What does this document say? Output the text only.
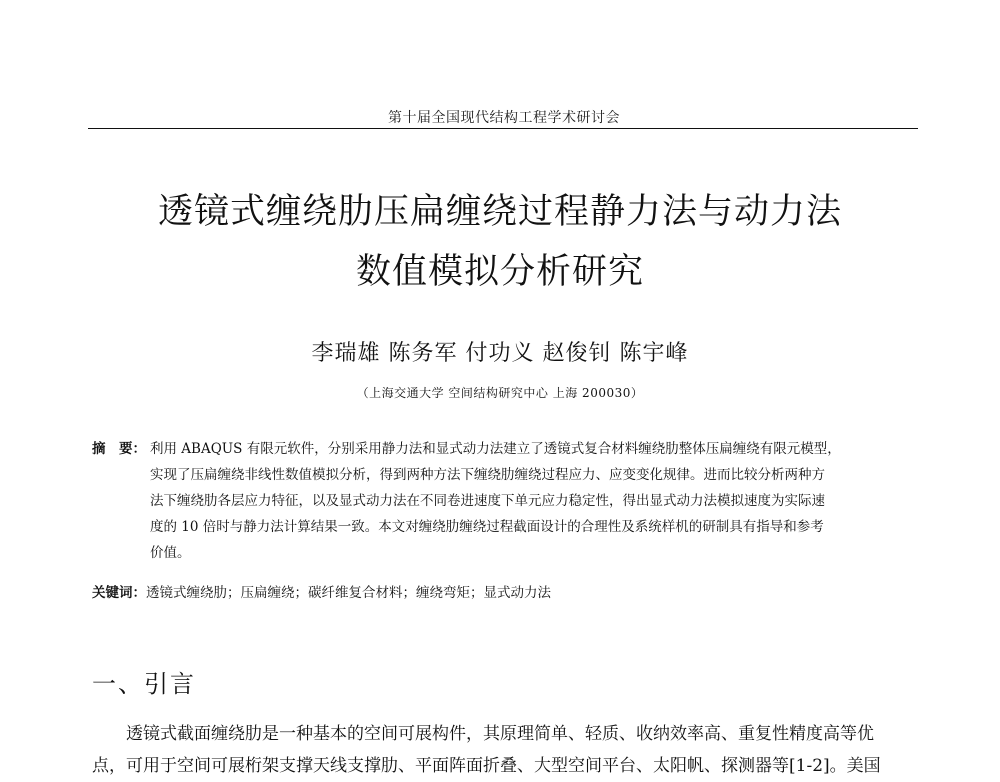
第十届全国现代结构工程学术研讨会
透镜式缠绕肋压扁缠绕过程静力法与动力法
数值模拟分析研究
李瑞雄 陈务军 付功义 赵俊钊 陈宇峰
（上海交通大学 空间结构研究中心 上海 200030）
摘　要： 利用 ABAQUS 有限元软件，分别采用静力法和显式动力法建立了透镜式复合材料缠绕肋整体压扁缠绕有限元模型，
实现了压扁缠绕非线性数值模拟分析，得到两种方法下缠绕肋缠绕过程应力、应变变化规律。进而比较分析两种方
法下缠绕肋各层应力特征，以及显式动力法在不同卷进速度下单元应力稳定性，得出显式动力法模拟速度为实际速
度的 10 倍时与静力法计算结果一致。本文对缠绕肋缠绕过程截面设计的合理性及系统样机的研制具有指导和参考
价值。
关键词：透镜式缠绕肋；压扁缠绕；碳纤维复合材料；缠绕弯矩；显式动力法
一、引言
透镜式截面缠绕肋是一种基本的空间可展构件，其原理简单、轻质、收纳效率高、重复性精度高等优
点，可用于空间可展桁架支撑天线支撑肋、平面阵面折叠、大型空间平台、太阳帆、探测器等[1-2]。美国
